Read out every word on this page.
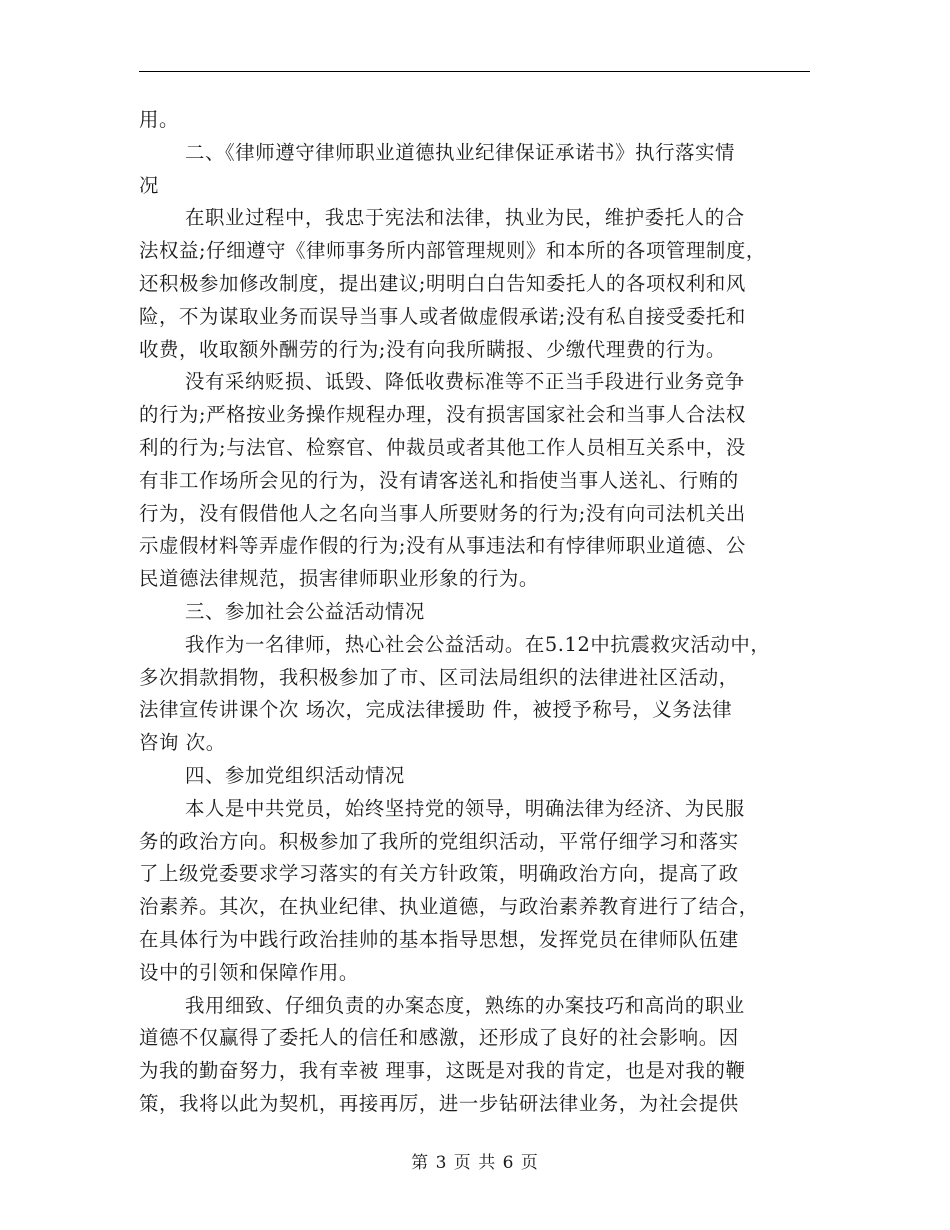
用。
二、《律师遵守律师职业道德执业纪律保证承诺书》执行落实情
况
在职业过程中，我忠于宪法和法律，执业为民，维护委托人的合
法权益;仔细遵守《律师事务所内部管理规则》和本所的各项管理制度，
还积极参加修改制度，提出建议;明明白白告知委托人的各项权利和风
险，不为谋取业务而误导当事人或者做虚假承诺;没有私自接受委托和
收费，收取额外酬劳的行为;没有向我所瞒报、少缴代理费的行为。
没有采纳贬损、诋毁、降低收费标准等不正当手段进行业务竞争
的行为;严格按业务操作规程办理，没有损害国家社会和当事人合法权
利的行为;与法官、检察官、仲裁员或者其他工作人员相互关系中，没
有非工作场所会见的行为，没有请客送礼和指使当事人送礼、行贿的
行为，没有假借他人之名向当事人所要财务的行为;没有向司法机关出
示虚假材料等弄虚作假的行为;没有从事违法和有悖律师职业道德、公
民道德法律规范，损害律师职业形象的行为。
三、参加社会公益活动情况
我作为一名律师，热心社会公益活动。在5.12中抗震救灾活动中，
多次捐款捐物，我积极参加了市、区司法局组织的法律进社区活动，
法律宣传讲课个次 场次，完成法律援助 件，被授予称号，义务法律
咨询 次。
四、参加党组织活动情况
本人是中共党员，始终坚持党的领导，明确法律为经济、为民服
务的政治方向。积极参加了我所的党组织活动，平常仔细学习和落实
了上级党委要求学习落实的有关方针政策，明确政治方向，提高了政
治素养。其次，在执业纪律、执业道德，与政治素养教育进行了结合，
在具体行为中践行政治挂帅的基本指导思想，发挥党员在律师队伍建
设中的引领和保障作用。
我用细致、仔细负责的办案态度，熟练的办案技巧和高尚的职业
道德不仅赢得了委托人的信任和感激，还形成了良好的社会影响。因
为我的勤奋努力，我有幸被 理事，这既是对我的肯定，也是对我的鞭
策，我将以此为契机，再接再厉，进一步钻研法律业务，为社会提供
第 3 页 共 6 页
